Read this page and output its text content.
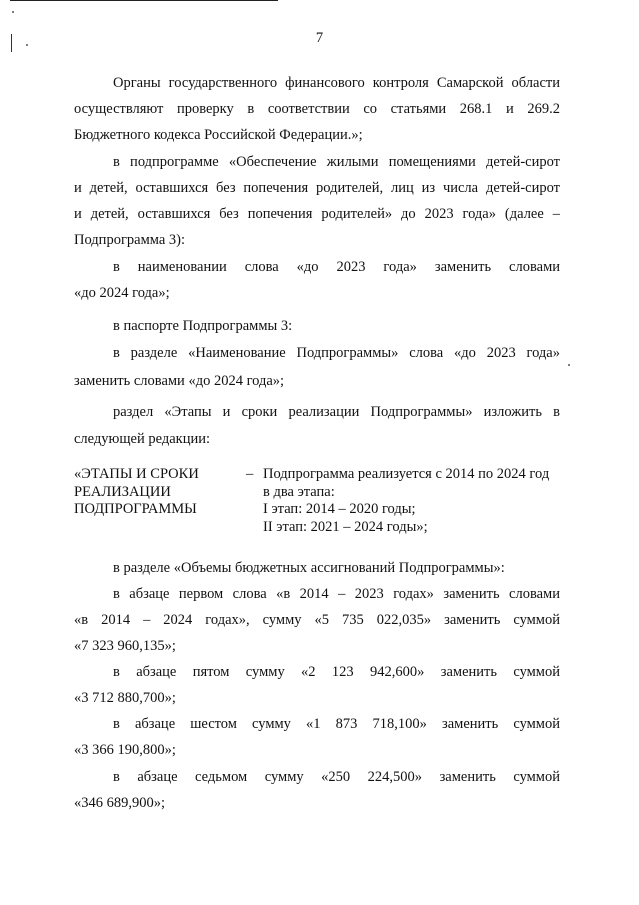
7
Органы государственного финансового контроля Самарской области
осуществляют проверку в соответствии со статьями 268.1 и 269.2
Бюджетного кодекса Российской Федерации.»;
в подпрограмме «Обеспечение жилыми помещениями детей-сирот
и детей, оставшихся без попечения родителей, лиц из числа детей-сирот
и детей, оставшихся без попечения родителей» до 2023 года» (далее –
Подпрограмма 3):
в наименовании слова «до 2023 года» заменить словами
«до 2024 года»;
в паспорте Подпрограммы 3:
в разделе «Наименование Подпрограммы» слова «до 2023 года»
заменить словами «до 2024 года»;
раздел «Этапы и сроки реализации Подпрограммы» изложить в
следующей редакции:
«ЭТАПЫ И СРОКИ
РЕАЛИЗАЦИИ
ПОДПРОГРАММЫ
– Подпрограмма реализуется с 2014 по 2024 год
в два этапа:
I этап: 2014 – 2020 годы;
II этап: 2021 – 2024 годы»;
в разделе «Объемы бюджетных ассигнований Подпрограммы»:
в абзаце первом слова «в 2014 – 2023 годах» заменить словами
«в 2014 – 2024 годах», сумму «5 735 022,035» заменить суммой
«7 323 960,135»;
в абзаце пятом сумму «2 123 942,600» заменить суммой
«3 712 880,700»;
в абзаце шестом сумму «1 873 718,100» заменить суммой
«3 366 190,800»;
в абзаце седьмом сумму «250 224,500» заменить суммой
«346 689,900»;
